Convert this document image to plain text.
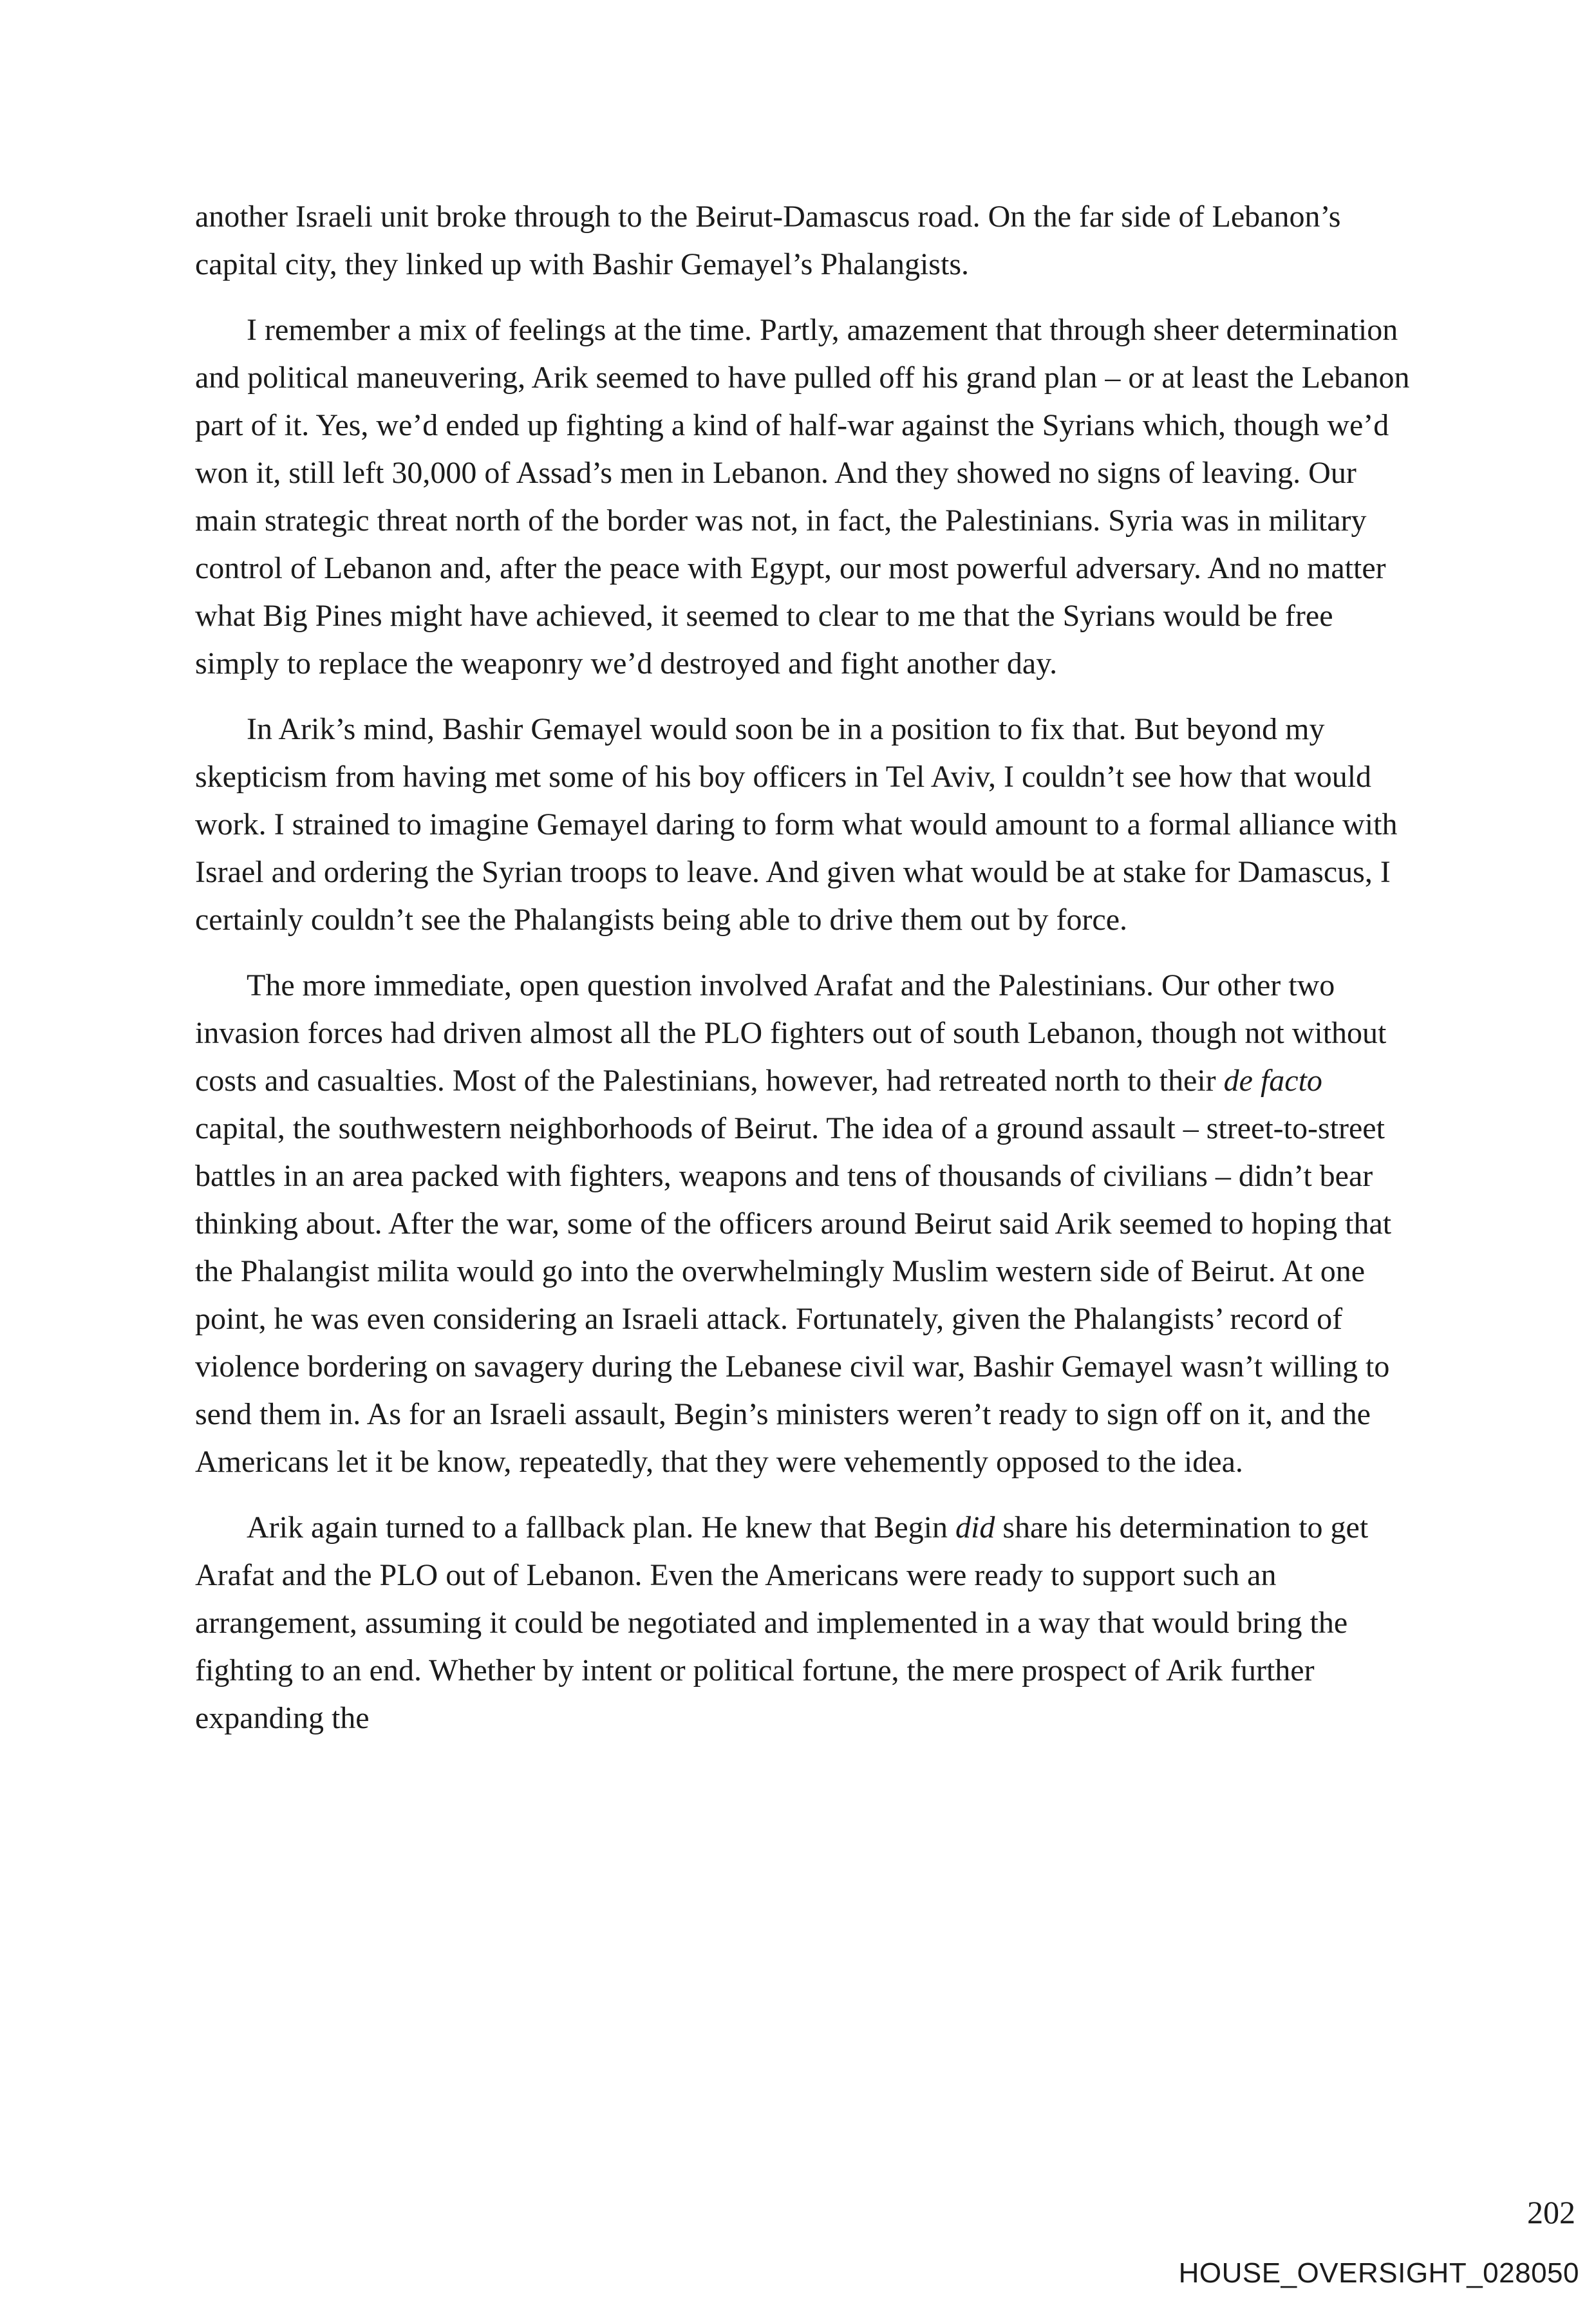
another Israeli unit broke through to the Beirut-Damascus road. On the far side of Lebanon’s capital city, they linked up with Bashir Gemayel’s Phalangists.

I remember a mix of feelings at the time. Partly, amazement that through sheer determination and political maneuvering, Arik seemed to have pulled off his grand plan – or at least the Lebanon part of it. Yes, we’d ended up fighting a kind of half-war against the Syrians which, though we’d won it, still left 30,000 of Assad’s men in Lebanon. And they showed no signs of leaving. Our main strategic threat north of the border was not, in fact, the Palestinians. Syria was in military control of Lebanon and, after the peace with Egypt, our most powerful adversary. And no matter what Big Pines might have achieved, it seemed to clear to me that the Syrians would be free simply to replace the weaponry we’d destroyed and fight another day.

In Arik’s mind, Bashir Gemayel would soon be in a position to fix that. But beyond my skepticism from having met some of his boy officers in Tel Aviv, I couldn’t see how that would work. I strained to imagine Gemayel daring to form what would amount to a formal alliance with Israel and ordering the Syrian troops to leave. And given what would be at stake for Damascus, I certainly couldn’t see the Phalangists being able to drive them out by force.

The more immediate, open question involved Arafat and the Palestinians. Our other two invasion forces had driven almost all the PLO fighters out of south Lebanon, though not without costs and casualties. Most of the Palestinians, however, had retreated north to their de facto capital, the southwestern neighborhoods of Beirut. The idea of a ground assault – street-to-street battles in an area packed with fighters, weapons and tens of thousands of civilians – didn’t bear thinking about. After the war, some of the officers around Beirut said Arik seemed to hoping that the Phalangist milita would go into the overwhelmingly Muslim western side of Beirut. At one point, he was even considering an Israeli attack. Fortunately, given the Phalangists’ record of violence bordering on savagery during the Lebanese civil war, Bashir Gemayel wasn’t willing to send them in. As for an Israeli assault, Begin’s ministers weren’t ready to sign off on it, and the Americans let it be know, repeatedly, that they were vehemently opposed to the idea.

Arik again turned to a fallback plan. He knew that Begin did share his determination to get Arafat and the PLO out of Lebanon. Even the Americans were ready to support such an arrangement, assuming it could be negotiated and implemented in a way that would bring the fighting to an end. Whether by intent or political fortune, the mere prospect of Arik further expanding the

202
HOUSE_OVERSIGHT_028050
